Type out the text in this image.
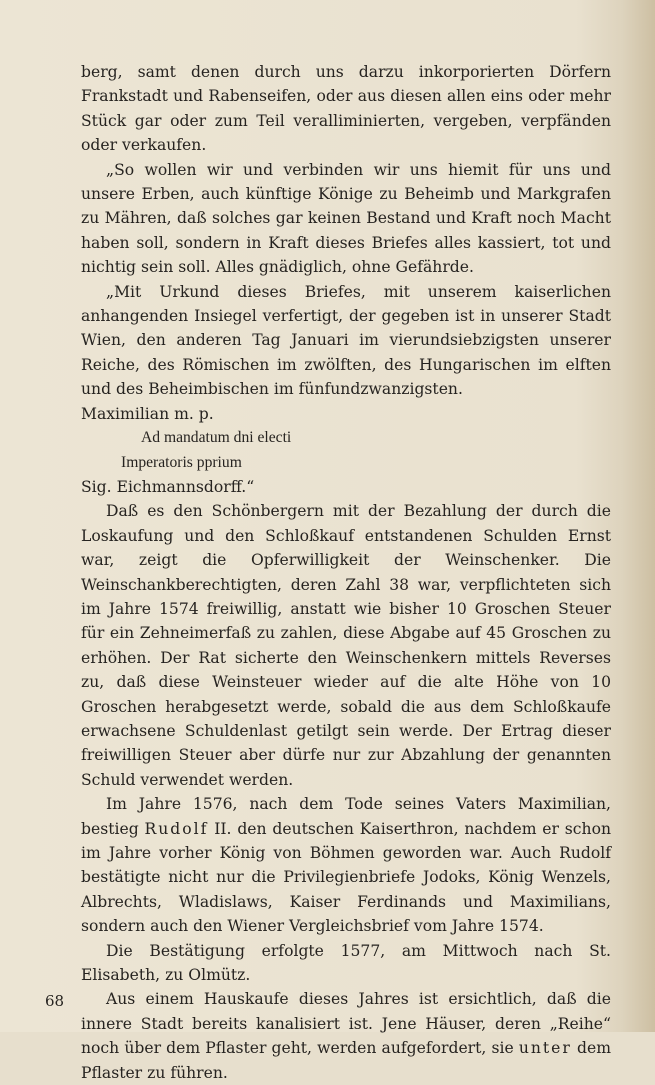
berg, samt denen durch uns darzu inkorporierten Dörfern Frankstadt und Rabenseifen, oder aus diesen allen eins oder mehr Stück gar oder zum Teil veralliminierten, vergeben, verpfänden oder verkaufen.

„So wollen wir und verbinden wir uns hiemit für uns und unsere Erben, auch künftige Könige zu Beheimb und Markgrafen zu Mähren, daß solches gar keinen Bestand und Kraft noch Macht haben soll, sondern in Kraft dieses Briefes alles kassiert, tot und nichtig sein soll. Alles gnädiglich, ohne Gefährde.

„Mit Urkund dieses Briefes, mit unserem kaiserlichen anhangenden Insiegel verfertigt, der gegeben ist in unserer Stadt Wien, den anderen Tag Januari im vierundsiebzigsten unserer Reiche, des Römischen im zwölften, des Hungarischen im elften und des Beheimbischen im fünfundzwanzigsten.

Maximilian m. p.

Ad mandatum dni electi

Imperatoris pprium

Sig. Eichmannsdorff.“

Daß es den Schönbergern mit der Bezahlung der durch die Loskaufung und den Schloßkauf entstandenen Schulden Ernst war, zeigt die Opferwilligkeit der Weinschenker. Die Weinschankberechtigten, deren Zahl 38 war, verpflichteten sich im Jahre 1574 freiwillig, anstatt wie bisher 10 Groschen Steuer für ein Zehneimerfaß zu zahlen, diese Abgabe auf 45 Groschen zu erhöhen. Der Rat sicherte den Weinschenkern mittels Reverses zu, daß diese Weinsteuer wieder auf die alte Höhe von 10 Groschen herabgesetzt werde, sobald die aus dem Schloßkaufe erwachsene Schuldenlast getilgt sein werde. Der Ertrag dieser freiwilligen Steuer aber dürfe nur zur Abzahlung der genannten Schuld verwendet werden.

Im Jahre 1576, nach dem Tode seines Vaters Maximilian, bestieg Rudolf II. den deutschen Kaiserthron, nachdem er schon im Jahre vorher König von Böhmen geworden war. Auch Rudolf bestätigte nicht nur die Privilegienbriefe Jodoks, König Wenzels, Albrechts, Wladislaws, Kaiser Ferdinands und Maximilians, sondern auch den Wiener Vergleichsbrief vom Jahre 1574.

Die Bestätigung erfolgte 1577, am Mittwoch nach St. Elisabeth, zu Olmütz.

Aus einem Hauskaufe dieses Jahres ist ersichtlich, daß die innere Stadt bereits kanalisiert ist. Jene Häuser, deren „Reihe“ noch über dem Pflaster geht, werden aufgefordert, sie unter dem Pflaster zu führen.

68
